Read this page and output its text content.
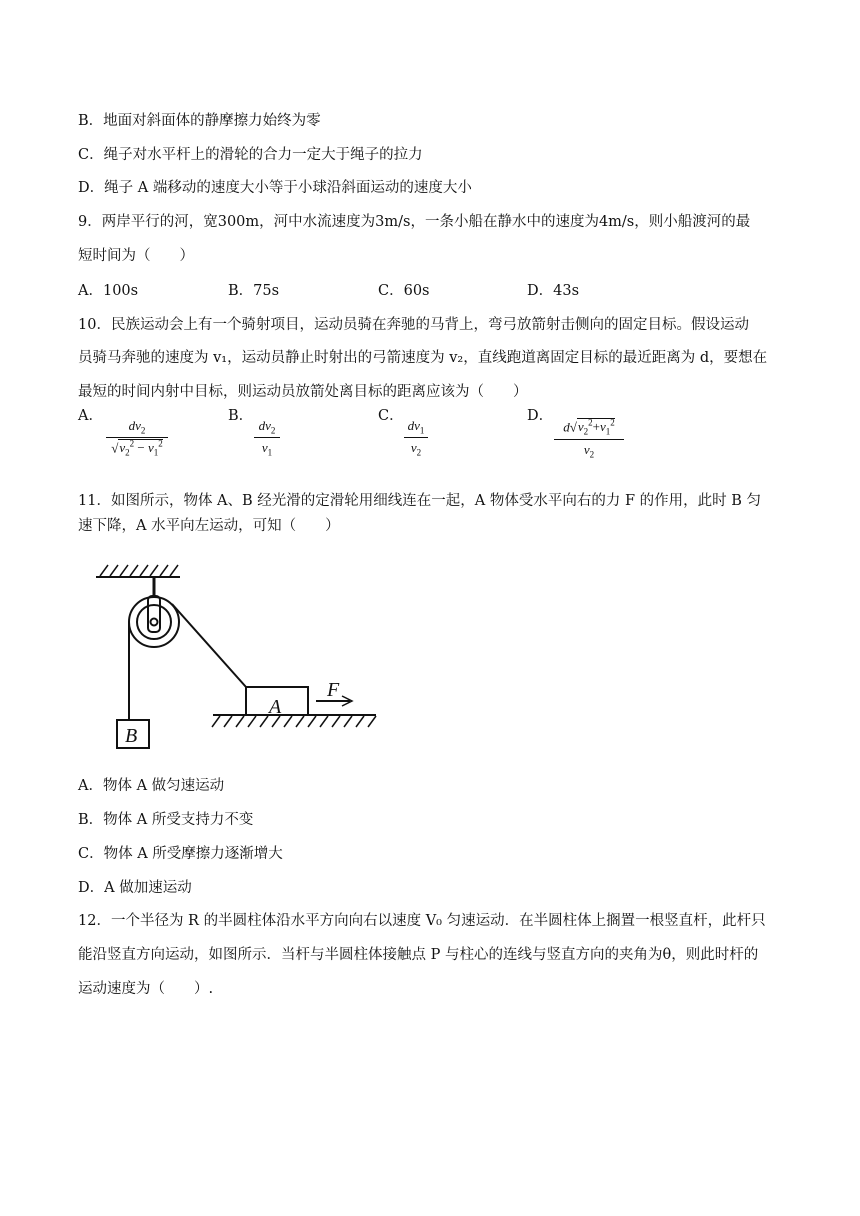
B．地面对斜面体的静摩擦力始终为零
C．绳子对水平杆上的滑轮的合力一定大于绳子的拉力
D．绳子 A 端移动的速度大小等于小球沿斜面运动的速度大小
9．两岸平行的河，宽300m，河中水流速度为3m/s，一条小船在静水中的速度为4m/s，则小船渡河的最
短时间为（　　）
A．100s	B．75s	C．60s	D．43s
10．民族运动会上有一个骑射项目，运动员骑在奔驰的马背上，弯弓放箭射击侧向的固定目标。假设运动
员骑马奔驰的速度为 v₁，运动员静止时射出的弓箭速度为 v₂，直线跑道离固定目标的最近距离为 d，要想在
最短的时间内射中目标，则运动员放箭处离目标的距离应该为（　　）
A．
$dv_2$
$√v_2^2 - v_1^2$
B．
$dv_2$
$v_1$
C．
$dv_1$
$v_2$
D．
$d√v_2^2+v_1^2$
$v_2$
11．如图所示，物体 A、B 经光滑的定滑轮用细线连在一起，A 物体受水平向右的力 F 的作用，此时 B 匀
速下降，A 水平向左运动，可知（　　）
B
A
F
A．物体 A 做匀速运动
B．物体 A 所受支持力不变
C．物体 A 所受摩擦力逐渐增大
D．A 做加速运动
12．一个半径为 R 的半圆柱体沿水平方向向右以速度 V₀ 匀速运动．在半圆柱体上搁置一根竖直杆，此杆只
能沿竖直方向运动，如图所示．当杆与半圆柱体接触点 P 与柱心的连线与竖直方向的夹角为θ，则此时杆的
运动速度为（　　）.
